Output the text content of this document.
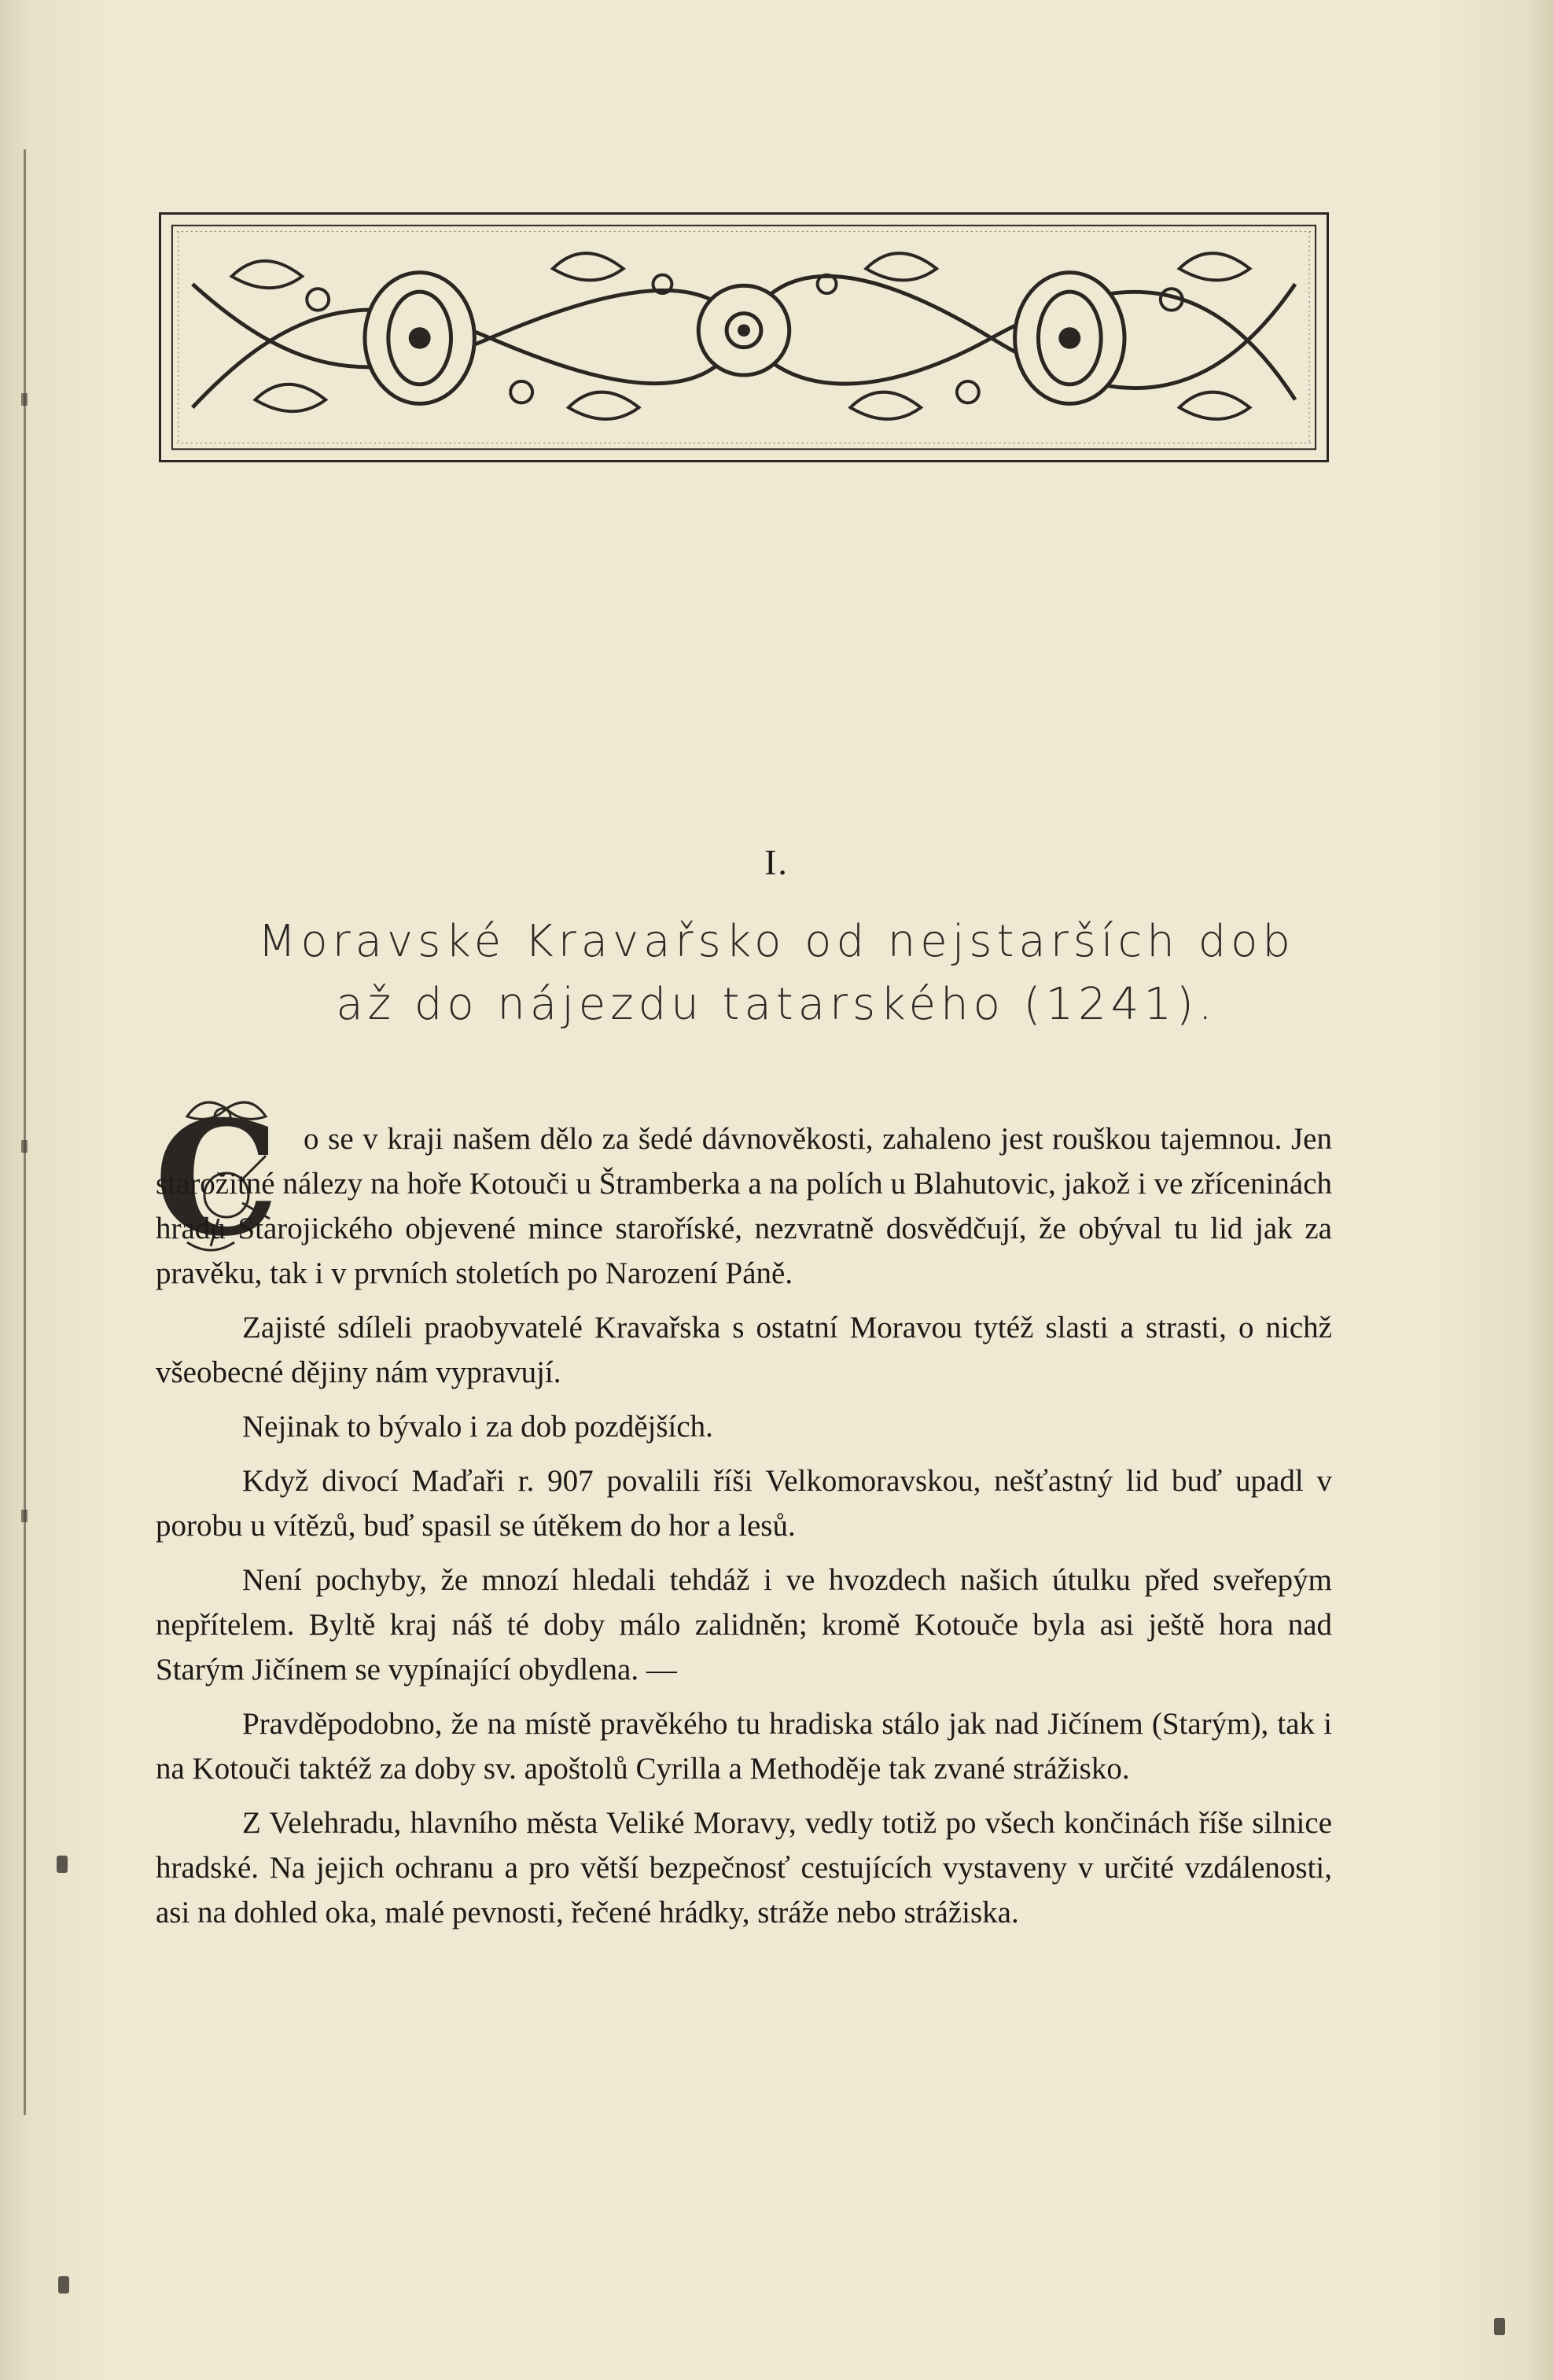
I.
Moravské Kravařsko od nejstarších dob
až do nájezdu tatarského (1241).
C o se v kraji našem dělo za šedé dávnověkosti, zahaleno jest rouškou tajemnou. Jen starožitné nálezy na hoře Kotouči u Štramberka a na polích u Blahutovic, jakož i ve zříceninách hradu Starojického objevené mince staroříské, nezvratně dosvědčují, že obýval tu lid jak za pravěku, tak i v prvních stoletích po Narození Páně.

Zajisté sdíleli praobyvatelé Kravařska s ostatní Moravou tytéž slasti a strasti, o nichž všeobecné dějiny nám vypravují.

Nejinak to bývalo i za dob pozdějších.

Když divocí Maďaři r. 907 povalili říši Velkomoravskou, nešťastný lid buď upadl v porobu u vítězů, buď spasil se útěkem do hor a lesů.

Není pochyby, že mnozí hledali tehdáž i ve hvozdech našich útulku před sveřepým nepřítelem. Byltě kraj náš té doby málo zalidněn; kromě Kotouče byla asi ještě hora nad Starým Jičínem se vypínající obydlena. —

Pravděpodobno, že na místě pravěkého tu hradiska stálo jak nad Jičínem (Starým), tak i na Kotouči taktéž za doby sv. apoštolů Cyrilla a Methoděje tak zvané strážisko.

Z Velehradu, hlavního města Veliké Moravy, vedly totiž po všech končinách říše silnice hradské. Na jejich ochranu a pro větší bezpečnosť cestujících vystaveny v určité vzdálenosti, asi na dohled oka, malé pevnosti, řečené hrádky, stráže nebo strážiska.
